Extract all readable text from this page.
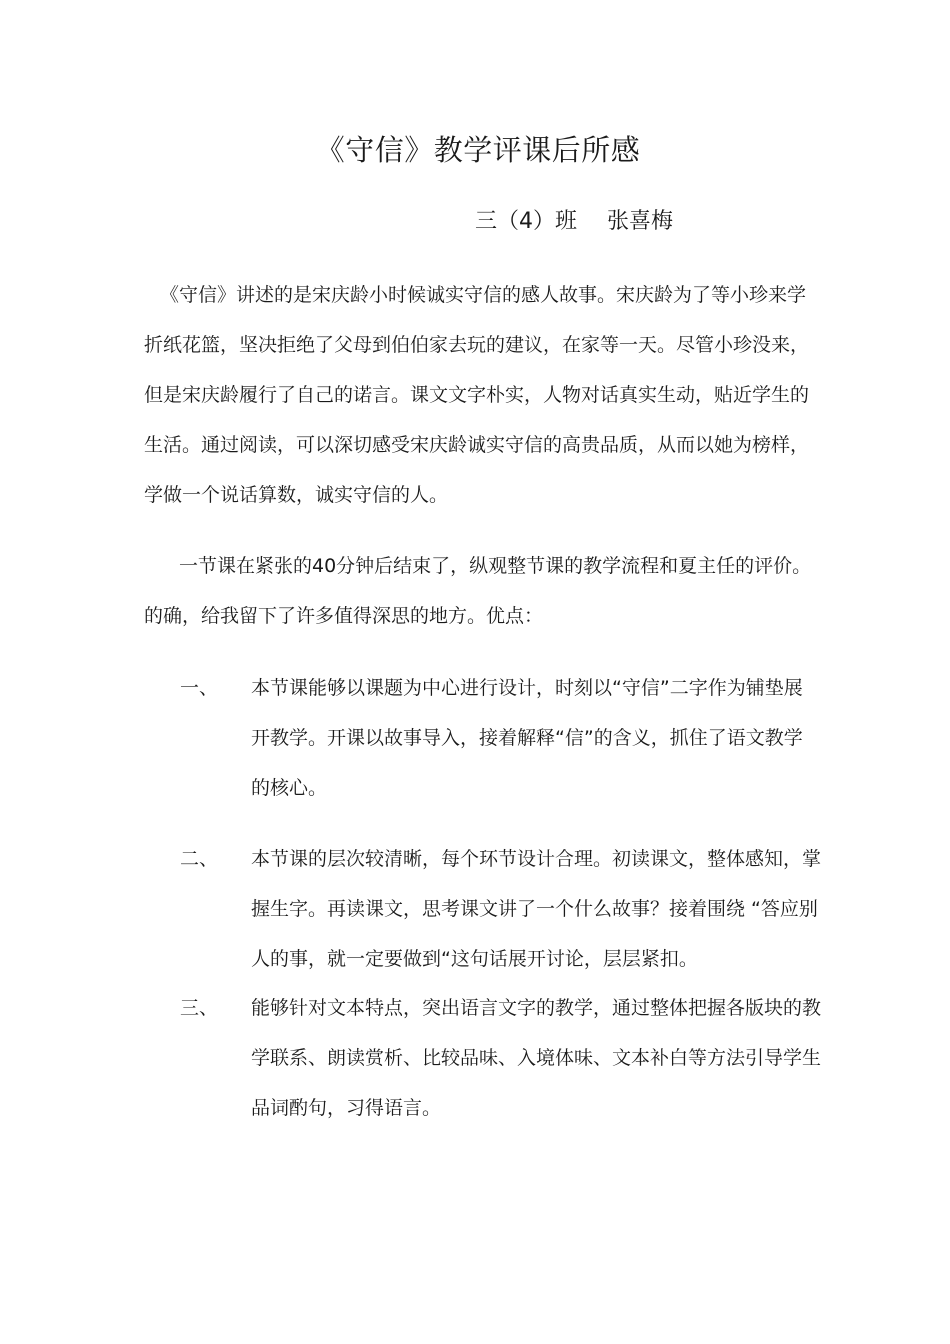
《守信》教学评课后所感
三（4）班 张喜梅

《守信》讲述的是宋庆龄小时候诚实守信的感人故事。宋庆龄为了等小珍来学折纸花篮，坚决拒绝了父母到伯伯家去玩的建议，在家等一天。尽管小珍没来，但是宋庆龄履行了自己的诺言。课文文字朴实，人物对话真实生动，贴近学生的生活。通过阅读，可以深切感受宋庆龄诚实守信的高贵品质，从而以她为榜样，学做一个说话算数，诚实守信的人。

一节课在紧张的40分钟后结束了，纵观整节课的教学流程和夏主任的评价。的确，给我留下了许多值得深思的地方。优点：

一、 本节课能够以课题为中心进行设计，时刻以“守信”二字作为铺垫展开教学。开课以故事导入，接着解释“信”的含义，抓住了语文教学的核心。

二、 本节课的层次较清晰，每个环节设计合理。初读课文，整体感知，掌握生字。再读课文，思考课文讲了一个什么故事？接着围绕 “答应别人的事，就一定要做到“这句话展开讨论，层层紧扣。

三、 能够针对文本特点，突出语言文字的教学，通过整体把握各版块的教学联系、朗读赏析、比较品味、入境体味、文本补白等方法引导学生品词酌句，习得语言。
